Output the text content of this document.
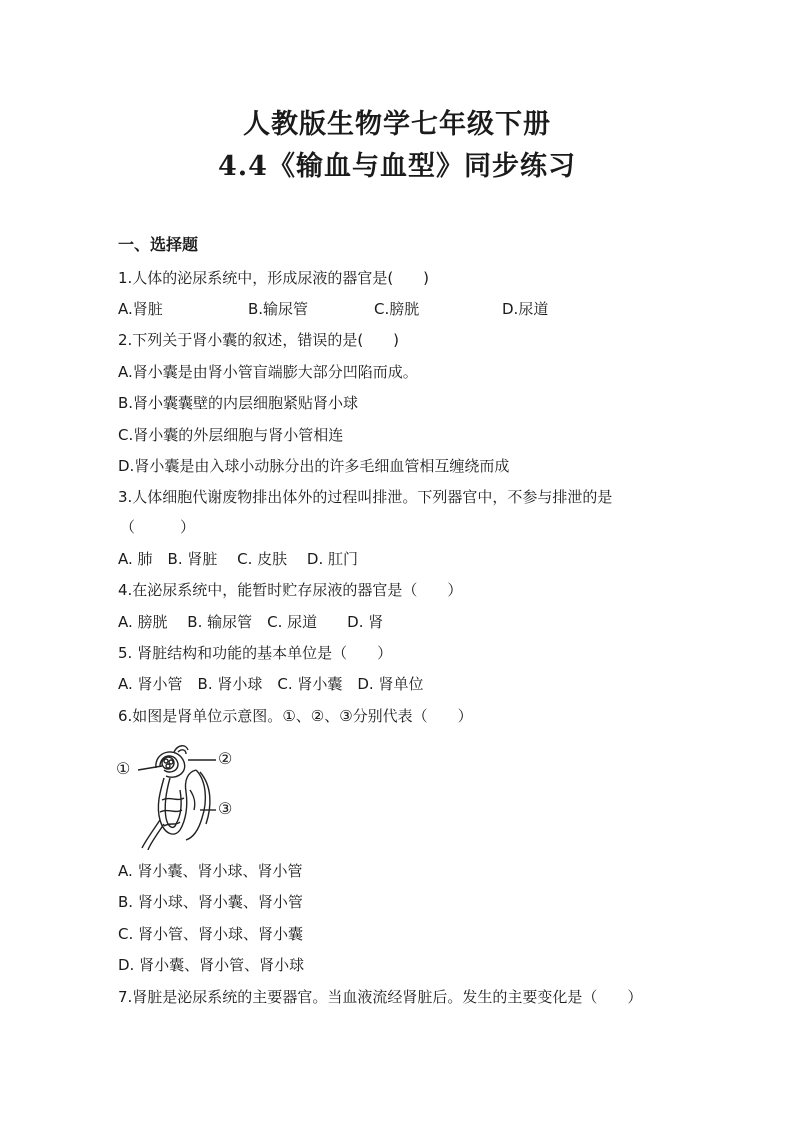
人教版生物学七年级下册
4.4《输血与血型》同步练习
一、选择题
1.人体的泌尿系统中，形成尿液的器官是(　　)
A.肾脏	B.输尿管	C.膀胱	D.尿道
2.下列关于肾小囊的叙述，错误的是(　　)
A.肾小囊是由肾小管盲端膨大部分凹陷而成。
B.肾小囊囊壁的内层细胞紧贴肾小球
C.肾小囊的外层细胞与肾小管相连
D.肾小囊是由入球小动脉分出的许多毛细血管相互缠绕而成
3.人体细胞代谢废物排出体外的过程叫排泄。下列器官中，不参与排泄的是
（　　　）
A. 肺　B. 肾脏　 C. 皮肤　 D. 肛门
4.在泌尿系统中，能暂时贮存尿液的器官是（　　）
A. 膀胱　 B. 输尿管　C. 尿道　　D. 肾
5. 肾脏结构和功能的基本单位是（　　）
A. 肾小管　B. 肾小球　C. 肾小囊　D. 肾单位
6.如图是肾单位示意图。①、②、③分别代表（　　）
①
②
③
A. 肾小囊、肾小球、肾小管
B. 肾小球、肾小囊、肾小管
C. 肾小管、肾小球、肾小囊
D. 肾小囊、肾小管、肾小球
7.肾脏是泌尿系统的主要器官。当血液流经肾脏后。发生的主要变化是（　　）
